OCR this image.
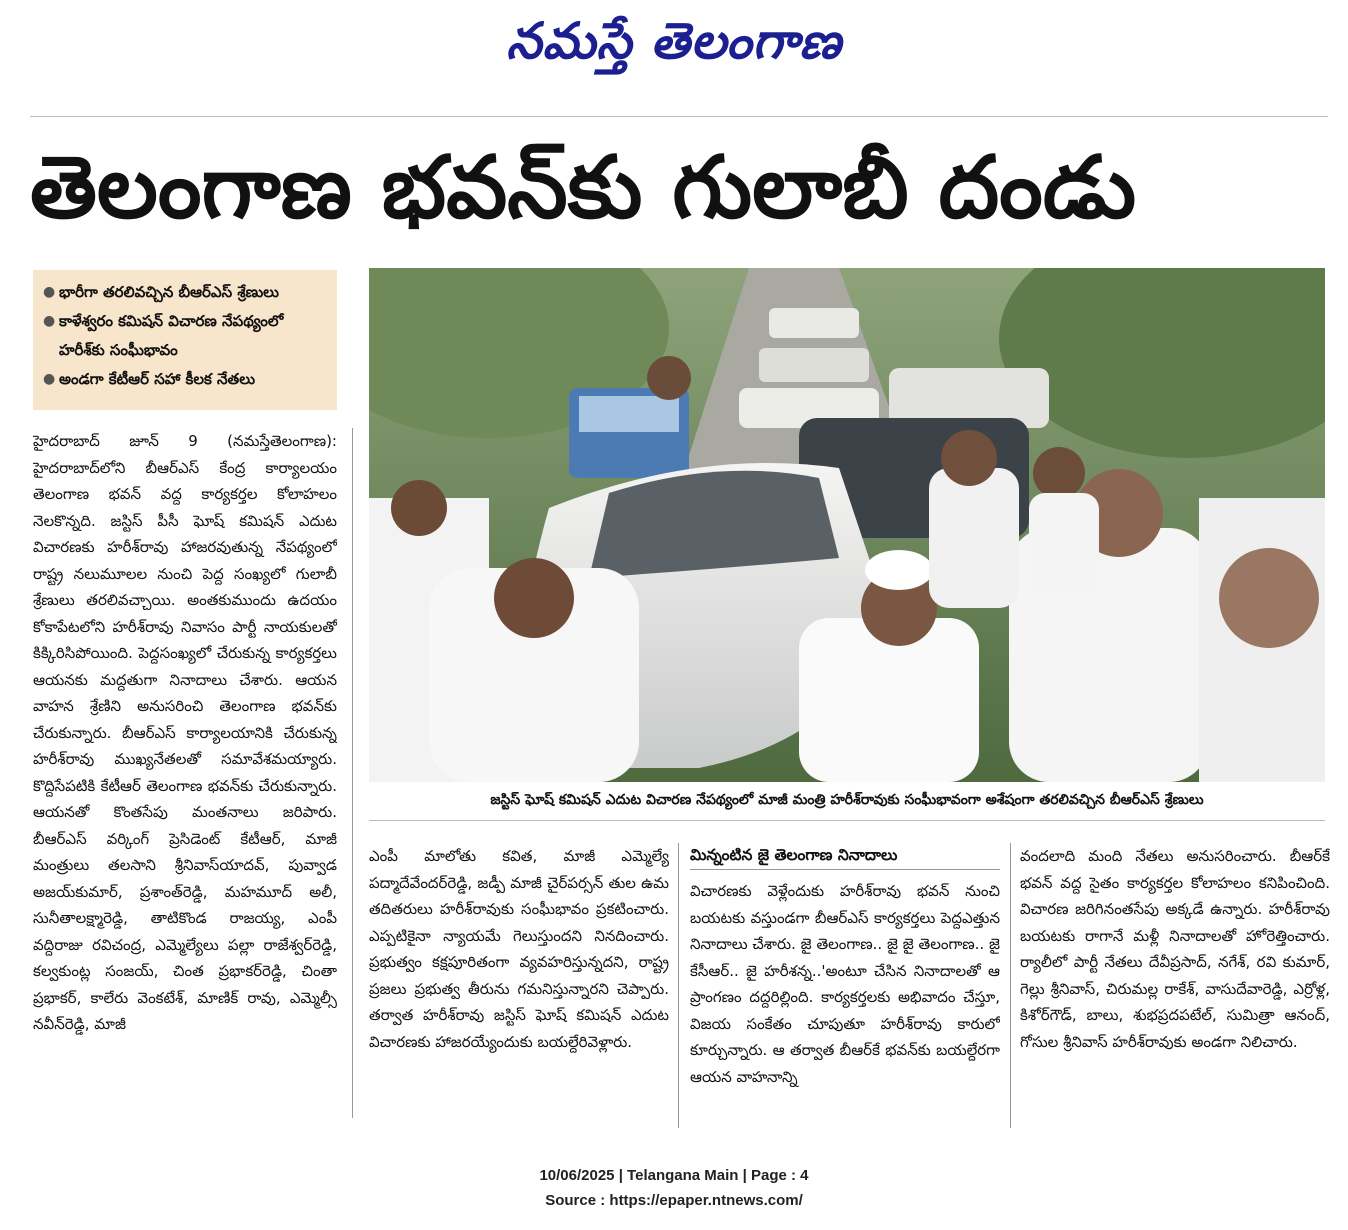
నమస్తే తెలంగాణ
తెలంగాణ భవన్‌కు గులాబీ దండు
● భారీగా తరలివచ్చిన బీఆర్‌ఎస్‌ శ్రేణులు
● కాళేశ్వరం కమిషన్‌ విచారణ నేపథ్యంలో హరీశ్‌కు సంఘీభావం
● అండగా కేటీఆర్‌ సహా కీలక నేతలు

హైదరాబాద్‌ జూన్‌ 9 (నమస్తేతెలంగాణ): హైదరాబాద్‌లోని బీఆర్‌ఎస్‌ కేంద్ర కార్యాలయం తెలంగాణ భవన్‌ వద్ద కార్యకర్తల కోలాహలం నెలకొన్నది. జస్టిస్‌ పీసీ ఘోష్‌ కమిషన్‌ ఎదుట విచారణకు హరీశ్‌రావు హాజరవుతున్న నేపథ్యంలో రాష్ట్ర నలుమూలల నుంచి పెద్ద సంఖ్యలో గులాబీ శ్రేణులు తరలివచ్చాయి. అంతకుముందు ఉదయం కోకాపేటలోని హరీశ్‌రావు నివాసం పార్టీ నాయకులతో కిక్కిరిసిపోయింది. పెద్దసంఖ్యలో చేరుకున్న కార్యకర్తలు ఆయనకు మద్దతుగా నినాదాలు చేశారు. ఆయన వాహన శ్రేణిని అనుసరించి తెలంగాణ భవన్‌కు చేరుకున్నారు. బీఆర్‌ఎస్‌ కార్యాలయానికి చేరుకున్న హరీశ్‌రావు ముఖ్యనేతలతో సమావేశమయ్యారు. కొద్దిసేపటికి కేటీఆర్‌ తెలంగాణ భవన్‌కు చేరుకున్నారు. ఆయనతో కొంతసేపు మంతనాలు జరిపారు. బీఆర్‌ఎస్‌ వర్కింగ్‌ ప్రెసిడెంట్‌ కేటీఆర్‌, మాజీ మంత్రులు తలసాని శ్రీనివాస్‌యాదవ్‌, పువ్వాడ అజయ్‌కుమార్‌, ప్రశాంత్‌రెడ్డి, మహమూద్‌ అలీ, సునీతాలక్ష్మారెడ్డి, తాటికొండ రాజయ్య, ఎంపీ వద్దిరాజు రవిచంద్ర, ఎమ్మెల్యేలు పల్లా రాజేశ్వర్‌రెడ్డి, కల్వకుంట్ల సంజయ్‌, చింత ప్రభాకర్‌రెడ్డి, చింతా ప్రభాకర్‌, కాలేరు వెంకటేశ్‌, మాణిక్‌ రావు, ఎమ్మెల్సీ నవీన్‌రెడ్డి, మాజీ

జస్టిస్‌ ఘోష్‌ కమిషన్‌ ఎదుట విచారణ నేపథ్యంలో మాజీ మంత్రి హరీశ్‌రావుకు సంఘీభావంగా అశేషంగా తరలివచ్చిన బీఆర్‌ఎస్‌ శ్రేణులు

ఎంపీ మాలోతు కవిత, మాజీ ఎమ్మెల్యే పద్మాదేవేందర్‌రెడ్డి, జడ్పీ మాజీ చైర్‌పర్సన్‌ తుల ఉమ తదితరులు హరీశ్‌రావుకు సంఘీభావం ప్రకటించారు. ఎప్పటికైనా న్యాయమే గెలుస్తుందని నినదించారు. ప్రభుత్వం కక్షపూరితంగా వ్యవహరిస్తున్నదని, రాష్ట్ర ప్రజలు ప్రభుత్వ తీరును గమనిస్తున్నారని చెప్పారు. తర్వాత హరీశ్‌రావు జస్టిస్‌ ఘోష్‌ కమిషన్‌ ఎదుట విచారణకు హాజరయ్యేందుకు బయల్దేరివెళ్లారు.

మిన్నంటిన జై తెలంగాణ నినాదాలు

విచారణకు వెళ్లేందుకు హరీశ్‌రావు భవన్‌ నుంచి బయటకు వస్తుండగా బీఆర్‌ఎస్‌ కార్యకర్తలు పెద్దఎత్తున నినాదాలు చేశారు. జై తెలంగాణ.. జై జై తెలంగాణ.. జై కేసీఆర్‌.. జై హరీశన్న..'అంటూ చేసిన నినాదాలతో ఆ ప్రాంగణం దద్దరిల్లింది. కార్యకర్తలకు అభివాదం చేస్తూ, విజయ సంకేతం చూపుతూ హరీశ్‌రావు కారులో కూర్చున్నారు. ఆ తర్వాత బీఆర్‌కే భవన్‌కు బయల్దేరగా ఆయన వాహనాన్ని

వందలాది మంది నేతలు అనుసరించారు. బీఆర్‌కే భవన్‌ వద్ద సైతం కార్యకర్తల కోలాహలం కనిపించింది. విచారణ జరిగినంతసేపు అక్కడే ఉన్నారు. హరీశ్‌రావు బయటకు రాగానే మళ్లీ నినాదాలతో హోరెత్తించారు. ర్యాలీలో పార్టీ నేతలు దేవీప్రసాద్‌, నగేశ్‌, రవి కుమార్‌, గెల్లు శ్రీనివాస్‌, చిరుమల్ల రాకేశ్‌, వాసుదేవారెడ్డి, ఎర్రోళ్ల, కిశోర్‌గౌడ్‌, బాలు, శుభప్రదపటేల్‌, సుమిత్రా ఆనంద్‌, గోసుల శ్రీనివాస్‌ హరీశ్‌రావుకు అండగా నిలిచారు.

10/06/2025 | Telangana Main | Page : 4
Source : https://epaper.ntnews.com/
